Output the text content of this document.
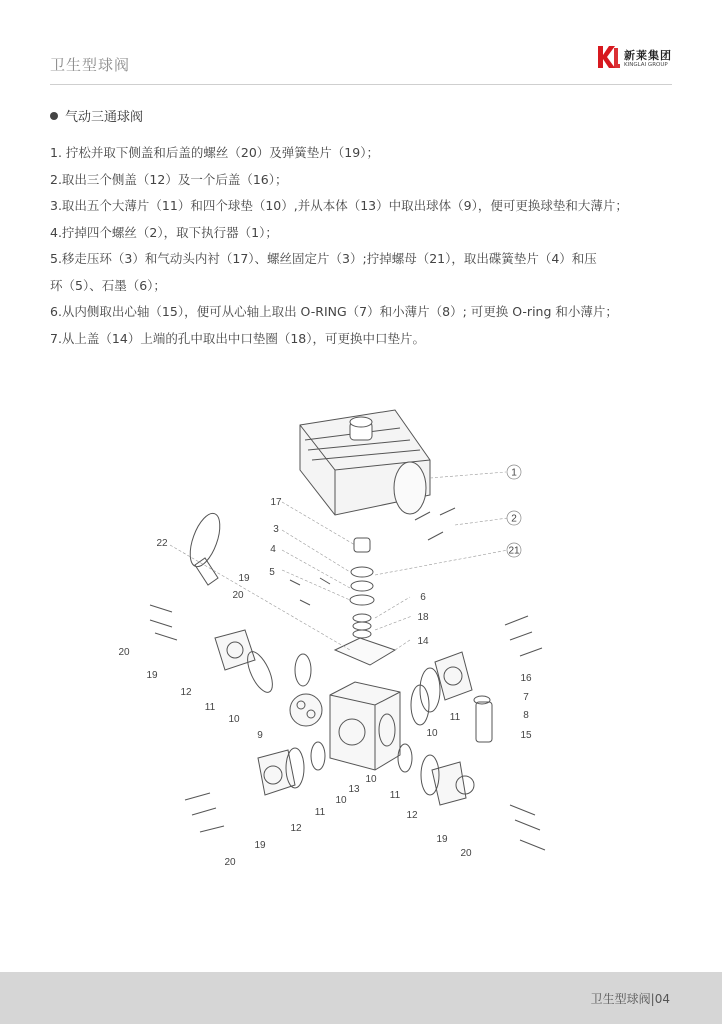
卫生型球阀
新莱集团
KINGLAI GROUP
气动三通球阀
1. 拧松并取下侧盖和后盖的螺丝（20）及弹簧垫片（19）；
2.取出三个侧盖（12）及一个后盖（16）；
3.取出五个大薄片（11）和四个球垫（10）,并从本体（13）中取出球体（9），便可更换球垫和大薄片；
4.拧掉四个螺丝（2），取下执行器（1）；
5.移走压环（3）和气动头内衬（17）、螺丝固定片（3）;拧掉螺母（21），取出碟簧垫片（4）和压
环（5）、石墨（6）；
6.从内侧取出心轴（15），便可从心轴上取出 O-RING（7）和小薄片（8）; 可更换 O-ring 和小薄片；
7.从上盖（14）上端的孔中取出中口垫圈（18），可更换中口垫片。
1
2
21
17
3
4
5
22
19
20	6
18
14
20
19
12
11
10
9
16
7
8
11
15
10
13
10
11
10
12
19
20
12
11
19
20
卫生型球阀|04
